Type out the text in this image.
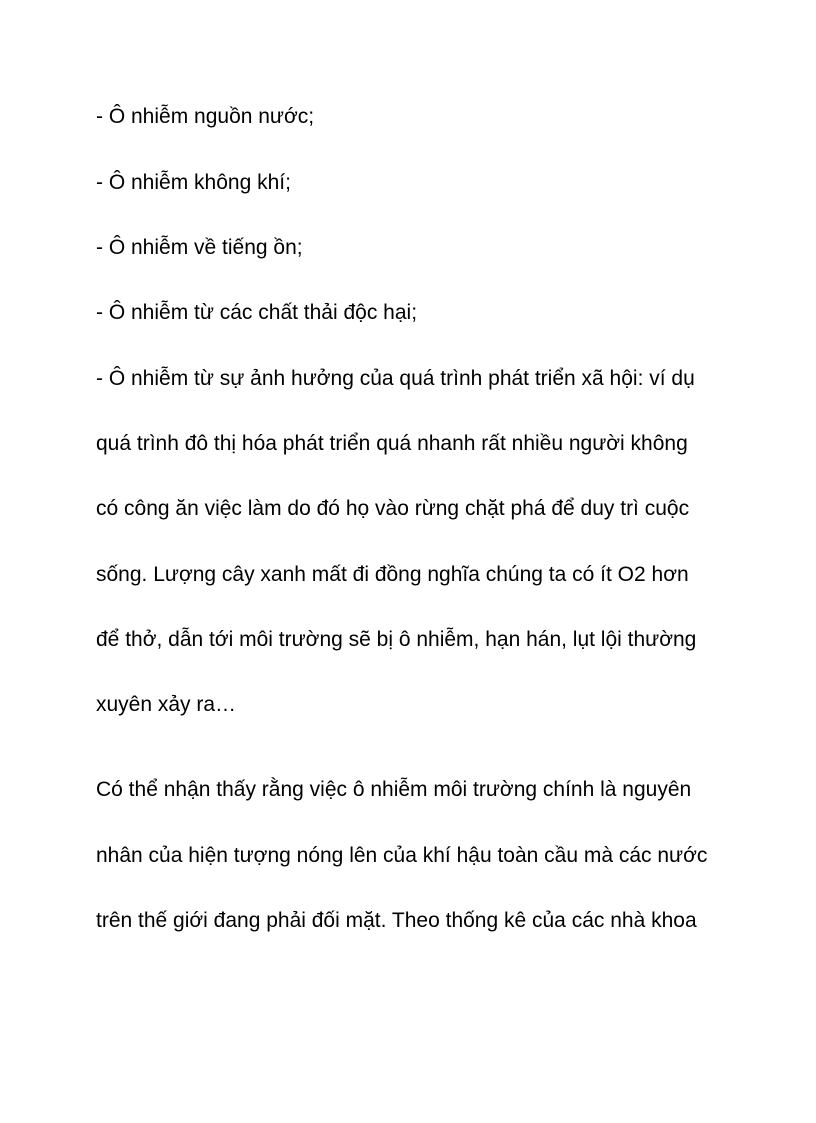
- Ô nhiễm nguồn nước;

- Ô nhiễm không khí;

- Ô nhiễm về tiếng ồn;

- Ô nhiễm từ các chất thải độc hại;

- Ô nhiễm từ sự ảnh hưởng của quá trình phát triển xã hội: ví dụ

quá trình đô thị hóa phát triển quá nhanh rất nhiều người không

có công ăn việc làm do đó họ vào rừng chặt phá để duy trì cuộc

sống. Lượng cây xanh mất đi đồng nghĩa chúng ta có ít O2 hơn

để thở, dẫn tới môi trường sẽ bị ô nhiễm, hạn hán, lụt lội thường

xuyên xảy ra…

Có thể nhận thấy rằng việc ô nhiễm môi trường chính là nguyên

nhân của hiện tượng nóng lên của khí hậu toàn cầu mà các nước

trên thế giới đang phải đối mặt. Theo thống kê của các nhà khoa
